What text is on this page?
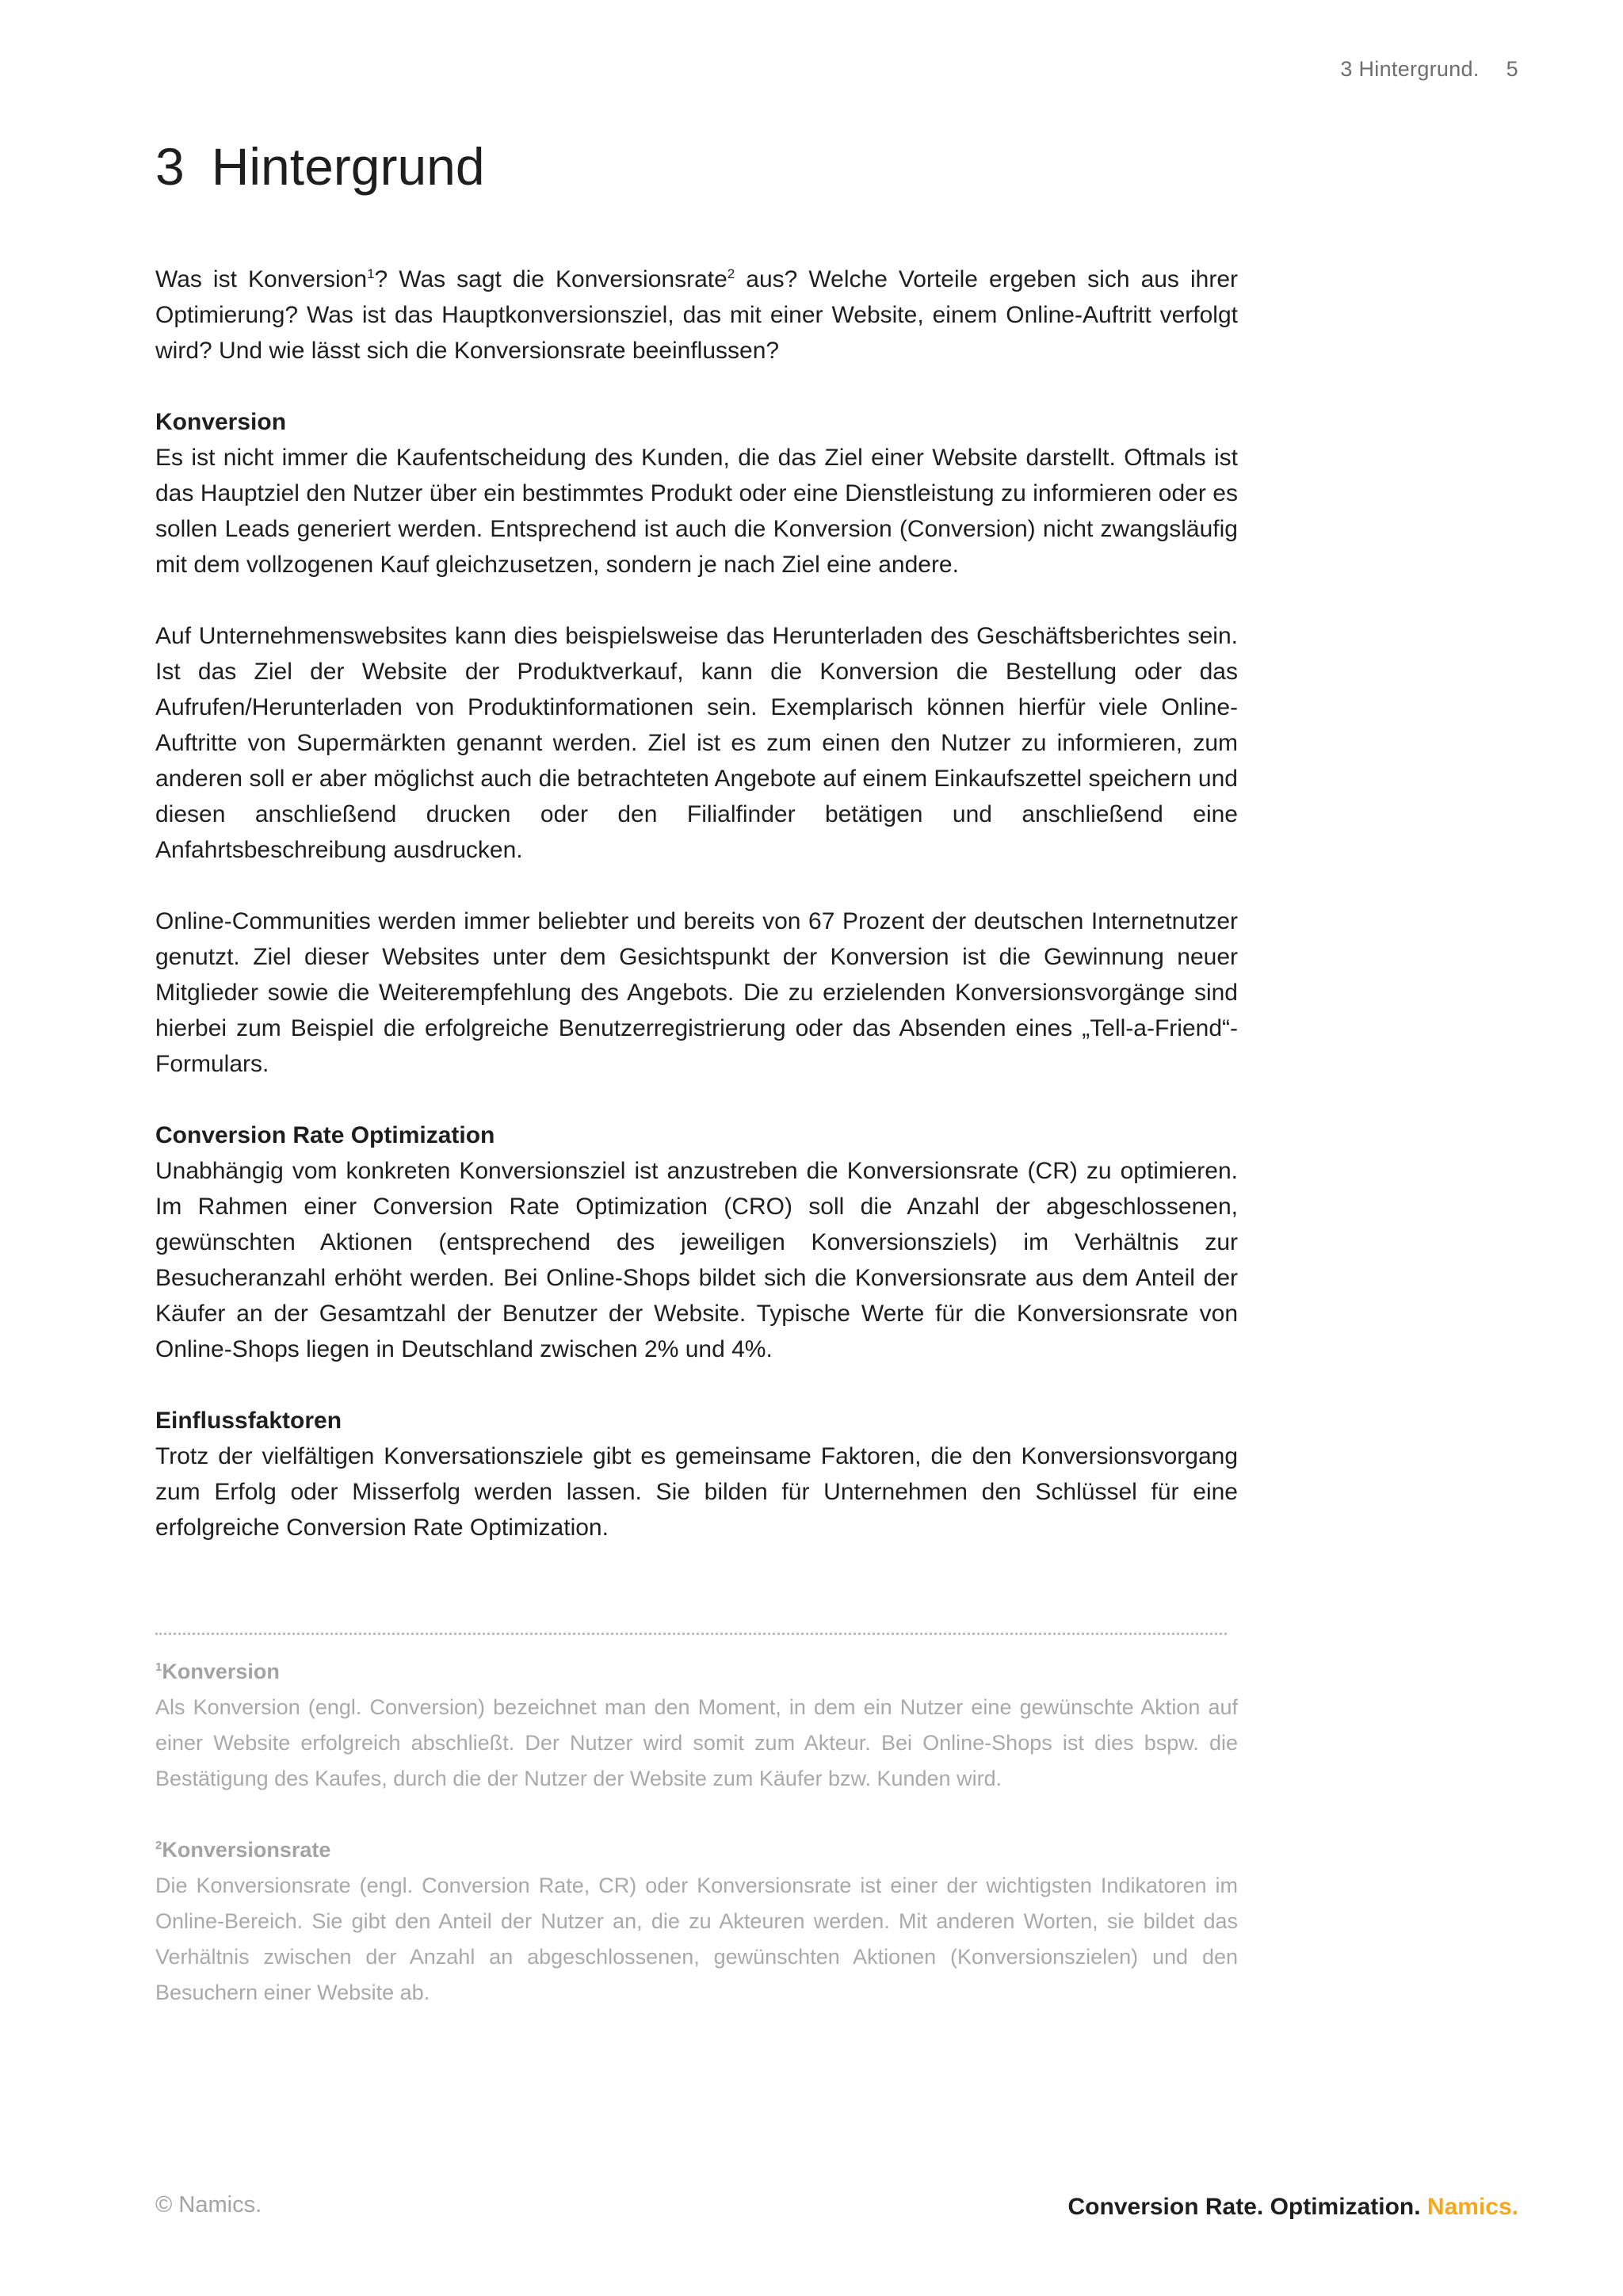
3 Hintergrund. 5
3 Hintergrund

Was ist Konversion$^1$? Was sagt die Konversionsrate$^2$ aus? Welche Vorteile ergeben sich aus ihrer Optimierung? Was ist das Hauptkonversionsziel, das mit einer Website, einem Online-Auftritt verfolgt wird? Und wie lässt sich die Konversionsrate beeinflussen?

Konversion

Es ist nicht immer die Kaufentscheidung des Kunden, die das Ziel einer Website darstellt. Oftmals ist das Hauptziel den Nutzer über ein bestimmtes Produkt oder eine Dienstleistung zu informieren oder es sollen Leads generiert werden. Entsprechend ist auch die Konversion (Conversion) nicht zwangsläufig mit dem vollzogenen Kauf gleichzusetzen, sondern je nach Ziel eine andere.

Auf Unternehmenswebsites kann dies beispielsweise das Herunterladen des Geschäftsberichtes sein. Ist das Ziel der Website der Produktverkauf, kann die Konversion die Bestellung oder das Aufrufen/Herunterladen von Produktinformationen sein. Exemplarisch können hierfür viele Online-Auftritte von Supermärkten genannt werden. Ziel ist es zum einen den Nutzer zu informieren, zum anderen soll er aber möglichst auch die betrachteten Angebote auf einem Einkaufszettel speichern und diesen anschließend drucken oder den Filialfinder betätigen und anschließend eine Anfahrtsbeschreibung ausdrucken.

Online-Communities werden immer beliebter und bereits von 67 Prozent der deutschen Internetnutzer genutzt. Ziel dieser Websites unter dem Gesichtspunkt der Konversion ist die Gewinnung neuer Mitglieder sowie die Weiterempfehlung des Angebots. Die zu erzielenden Konversionsvorgänge sind hierbei zum Beispiel die erfolgreiche Benutzerregistrierung oder das Absenden eines „Tell-a-Friend“-Formulars.

Conversion Rate Optimization

Unabhängig vom konkreten Konversionsziel ist anzustreben die Konversionsrate (CR) zu optimieren. Im Rahmen einer Conversion Rate Optimization (CRO) soll die Anzahl der abgeschlossenen, gewünschten Aktionen (entsprechend des jeweiligen Konversionsziels) im Verhältnis zur Besucheranzahl erhöht werden. Bei Online-Shops bildet sich die Konversionsrate aus dem Anteil der Käufer an der Gesamtzahl der Benutzer der Website. Typische Werte für die Konversionsrate von Online-Shops liegen in Deutschland zwischen 2% und 4%.

Einflussfaktoren

Trotz der vielfältigen Konversationsziele gibt es gemeinsame Faktoren, die den Konversionsvorgang zum Erfolg oder Misserfolg werden lassen. Sie bilden für Unternehmen den Schlüssel für eine erfolgreiche Conversion Rate Optimization.

$^1$Konversion

Als Konversion (engl. Conversion) bezeichnet man den Moment, in dem ein Nutzer eine gewünschte Aktion auf einer Website erfolgreich abschließt. Der Nutzer wird somit zum Akteur. Bei Online-Shops ist dies bspw. die Bestätigung des Kaufes, durch die der Nutzer der Website zum Käufer bzw. Kunden wird.

$^2$Konversionsrate

Die Konversionsrate (engl. Conversion Rate, CR) oder Konversionsrate ist einer der wichtigsten Indikatoren im Online-Bereich. Sie gibt den Anteil der Nutzer an, die zu Akteuren werden. Mit anderen Worten, sie bildet das Verhältnis zwischen der Anzahl an abgeschlossenen, gewünschten Aktionen (Konversionszielen) und den Besuchern einer Website ab.

© Namics.	Conversion Rate. Optimization. Namics.
